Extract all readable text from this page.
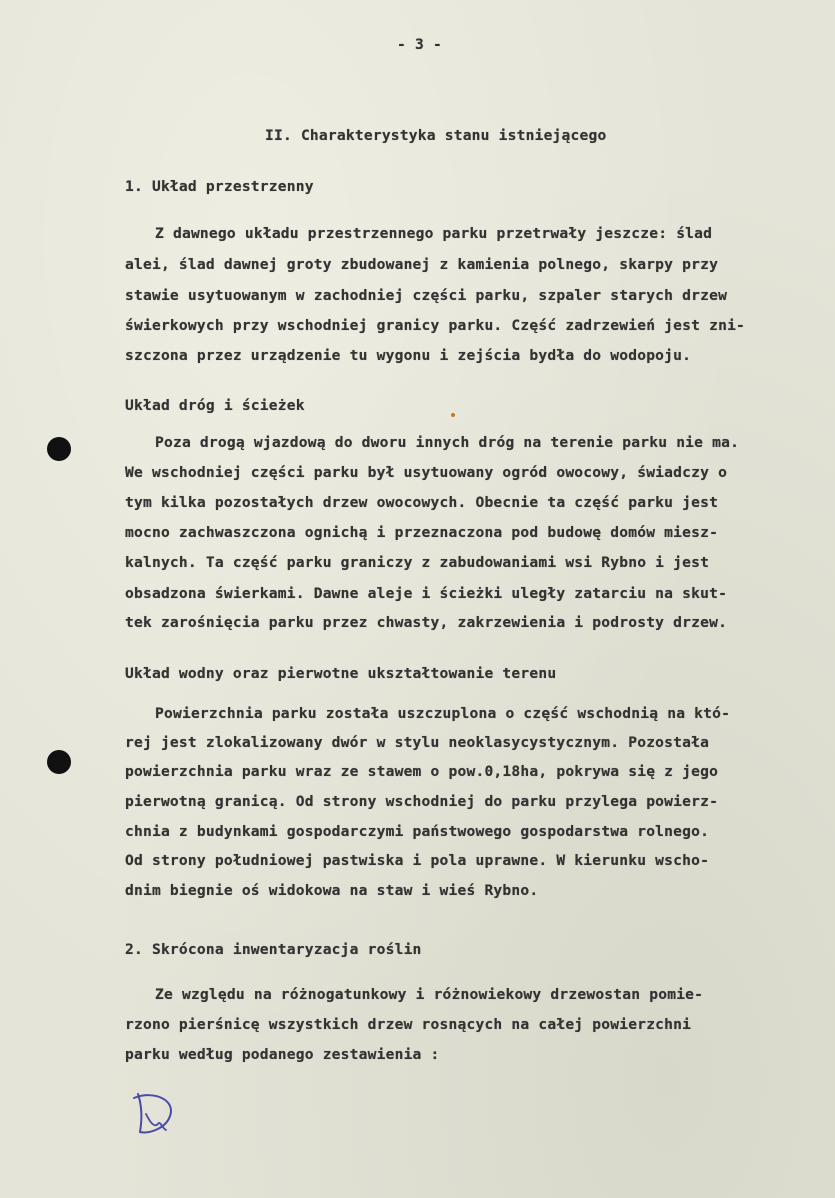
- 3 -
II. Charakterystyka stanu istniejącego
1. Układ przestrzenny
Z dawnego układu przestrzennego parku przetrwały jeszcze: ślad
alei, ślad dawnej groty zbudowanej z kamienia polnego, skarpy przy
stawie usytuowanym w zachodniej części parku, szpaler starych drzew
świerkowych przy wschodniej granicy parku. Część zadrzewień jest zni-
szczona przez urządzenie tu wygonu i zejścia bydła do wodopoju.
Układ dróg i ścieżek
Poza drogą wjazdową do dworu innych dróg na terenie parku nie ma.
We wschodniej części parku był usytuowany ogród owocowy, świadczy o
tym kilka pozostałych drzew owocowych. Obecnie ta część parku jest
mocno zachwaszczona ognichą i przeznaczona pod budowę domów miesz-
kalnych. Ta część parku graniczy z zabudowaniami wsi Rybno i jest
obsadzona świerkami. Dawne aleje i ścieżki uległy zatarciu na skut-
tek zarośnięcia parku przez chwasty, zakrzewienia i podrosty drzew.
Układ wodny oraz pierwotne ukształtowanie terenu
Powierzchnia parku została uszczuplona o część wschodnią na któ-
rej jest zlokalizowany dwór w stylu neoklasycystycznym. Pozostała
powierzchnia parku wraz ze stawem o pow.0,18ha, pokrywa się z jego
pierwotną granicą. Od strony wschodniej do parku przylega powierz-
chnia z budynkami gospodarczymi państwowego gospodarstwa rolnego.
Od strony południowej pastwiska i pola uprawne. W kierunku wscho-
dnim biegnie oś widokowa na staw i wieś Rybno.
2. Skrócona inwentaryzacja roślin
Ze względu na różnogatunkowy i różnowiekowy drzewostan pomie-
rzono pierśnicę wszystkich drzew rosnących na całej powierzchni
parku według podanego zestawienia :
